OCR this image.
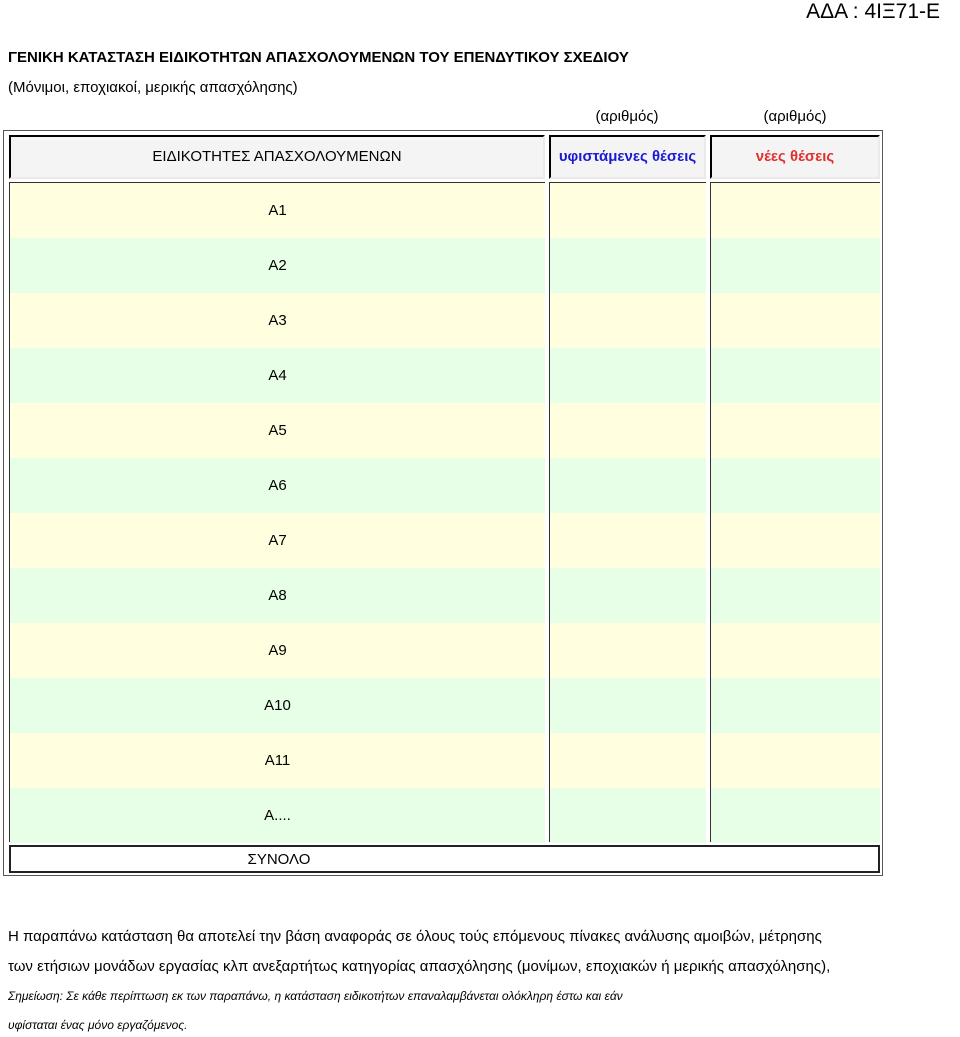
ΑΔΑ : 4ΙΞ71-Ε
ΓΕΝΙΚΗ ΚΑΤΑΣΤΑΣΗ ΕΙΔΙΚΟΤΗΤΩΝ ΑΠΑΣΧΟΛΟΥΜΕΝΩΝ ΤΟΥ ΕΠΕΝΔΥΤΙΚΟΥ ΣΧΕΔΙΟΥ
(Μόνιμοι, εποχιακοί, μερικής απασχόλησης)
(αριθμός)	(αριθμός)
ΕΙΔΙΚΟΤΗΤΕΣ ΑΠΑΣΧΟΛΟΥΜΕΝΩΝ	υφιστάμενες θέσεις	νέες θέσεις
Α1
Α2
Α3
Α4
Α5
Α6
Α7
Α8
Α9
Α10
Α11
Α....
ΣΥΝΟΛΟ
Η παραπάνω κατάσταση θα αποτελεί την βάση αναφοράς σε όλους τούς επόμενους πίνακες ανάλυσης αμοιβών, μέτρησης
των ετήσιων μονάδων εργασίας κλπ ανεξαρτήτως κατηγορίας απασχόλησης (μονίμων, εποχιακών ή μερικής απασχόλησης),
Σημείωση: Σε κάθε περίπτωση εκ των παραπάνω, η κατάσταση ειδικοτήτων επαναλαμβάνεται ολόκληρη έστω και εάν
υφίσταται ένας μόνο εργαζόμενος.
